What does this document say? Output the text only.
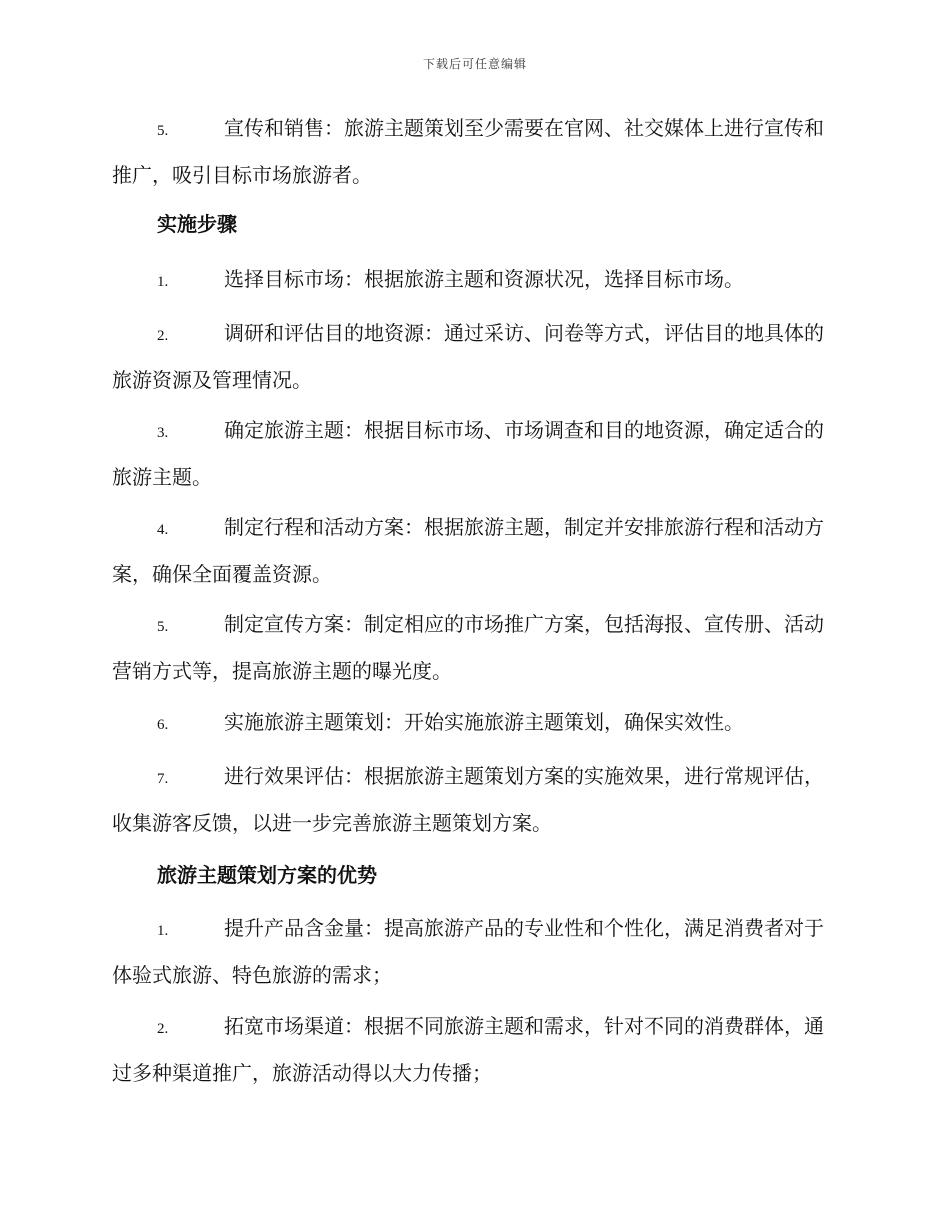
下载后可任意编辑

5.	宣传和销售：旅游主题策划至少需要在官网、社交媒体上进行宣传和推广，吸引目标市场旅游者。

实施步骤

1.	选择目标市场：根据旅游主题和资源状况，选择目标市场。

2.	调研和评估目的地资源：通过采访、问卷等方式，评估目的地具体的旅游资源及管理情况。

3.	确定旅游主题：根据目标市场、市场调查和目的地资源，确定适合的旅游主题。

4.	制定行程和活动方案：根据旅游主题，制定并安排旅游行程和活动方案，确保全面覆盖资源。

5.	制定宣传方案：制定相应的市场推广方案，包括海报、宣传册、活动营销方式等，提高旅游主题的曝光度。

6.	实施旅游主题策划：开始实施旅游主题策划，确保实效性。

7.	进行效果评估：根据旅游主题策划方案的实施效果，进行常规评估，收集游客反馈，以进一步完善旅游主题策划方案。

旅游主题策划方案的优势

1.	提升产品含金量：提高旅游产品的专业性和个性化，满足消费者对于体验式旅游、特色旅游的需求；

2.	拓宽市场渠道：根据不同旅游主题和需求，针对不同的消费群体，通过多种渠道推广，旅游活动得以大力传播；
